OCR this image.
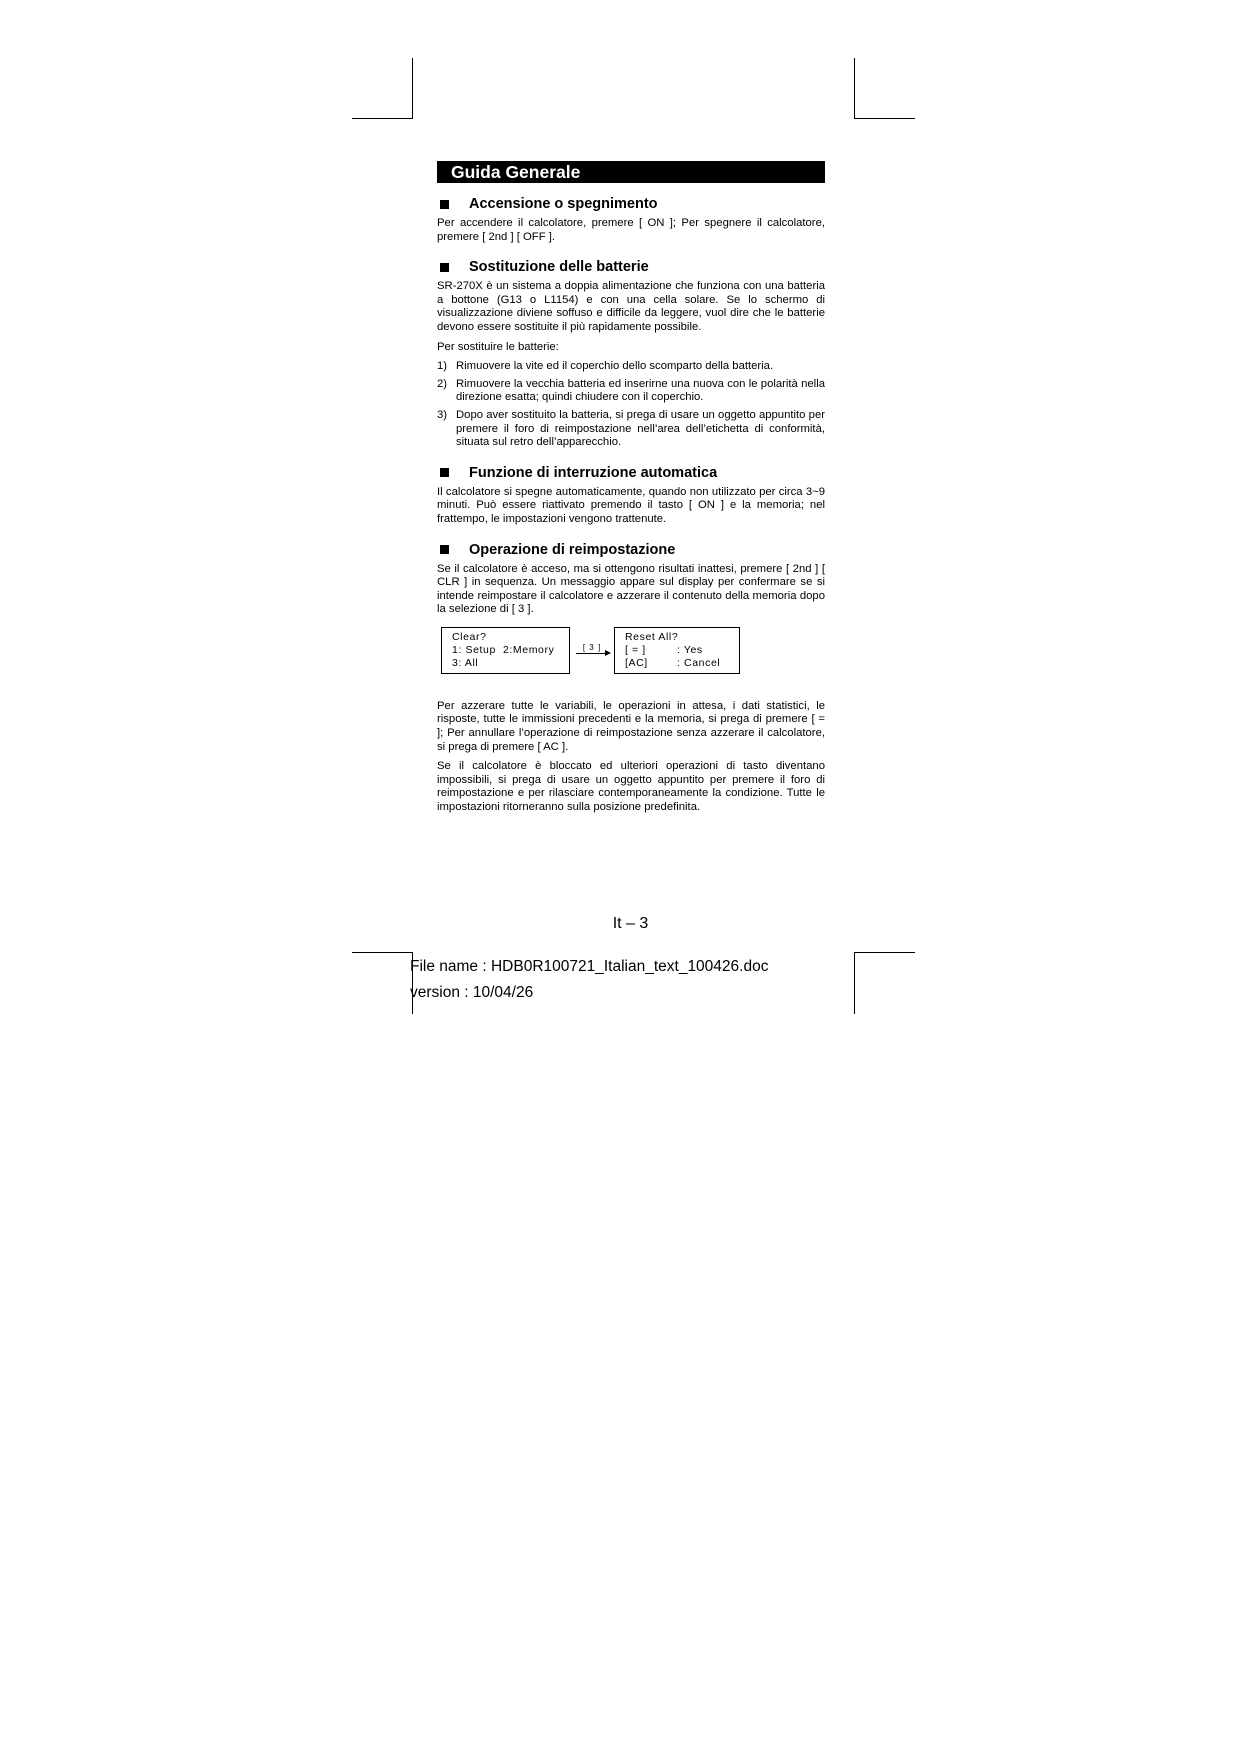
Guida Generale
Accensione o spegnimento

Per accendere il calcolatore, premere [ ON ]; Per spegnere il calcolatore, premere [ 2nd ] [ OFF ].

Sostituzione delle batterie

SR-270X è un sistema a doppia alimentazione che funziona con una batteria a bottone (G13 o L1154) e con una cella solare. Se lo schermo di visualizzazione diviene soffuso e difficile da leggere, vuol dire che le batterie devono essere sostituite il più rapidamente possibile.

Per sostituire le batterie:

1) Rimuovere la vite ed il coperchio dello scomparto della batteria.
2) Rimuovere la vecchia batteria ed inserirne una nuova con le polarità nella direzione esatta; quindi chiudere con il coperchio.
3) Dopo aver sostituito la batteria, si prega di usare un oggetto appuntito per premere il foro di reimpostazione nell’area dell’etichetta di conformità, situata sul retro dell’apparecchio.
Funzione di interruzione automatica

Il calcolatore si spegne automaticamente, quando non utilizzato per circa 3~9 minuti. Può essere riattivato premendo il tasto [ ON ] e la memoria; nel frattempo, le impostazioni vengono trattenute.

Operazione di reimpostazione

Se il calcolatore è acceso, ma si ottengono risultati inattesi, premere [ 2nd ] [ CLR ] in sequenza. Un messaggio appare sul display per confermare se si intende reimpostare il calcolatore e azzerare il contenuto della memoria dopo la selezione di [ 3 ].

Clear?
1: Setup  2:Memory
3: All
[ 3 ]
Reset All?
[ = ]	: Yes
[AC]	: Cancel

Per azzerare tutte le variabili, le operazioni in attesa, i dati statistici, le risposte, tutte le immissioni precedenti e la memoria, si prega di premere [ = ]; Per annullare l’operazione di reimpostazione senza azzerare il calcolatore, si prega di premere [ AC ].

Se il calcolatore è bloccato ed ulteriori operazioni di tasto diventano impossibili, si prega di usare un oggetto appuntito per premere il foro di reimpostazione e per rilasciare contemporaneamente la condizione. Tutte le impostazioni ritorneranno sulla posizione predefinita.

It – 3
File name : HDB0R100721_Italian_text_100426.doc
version : 10/04/26
